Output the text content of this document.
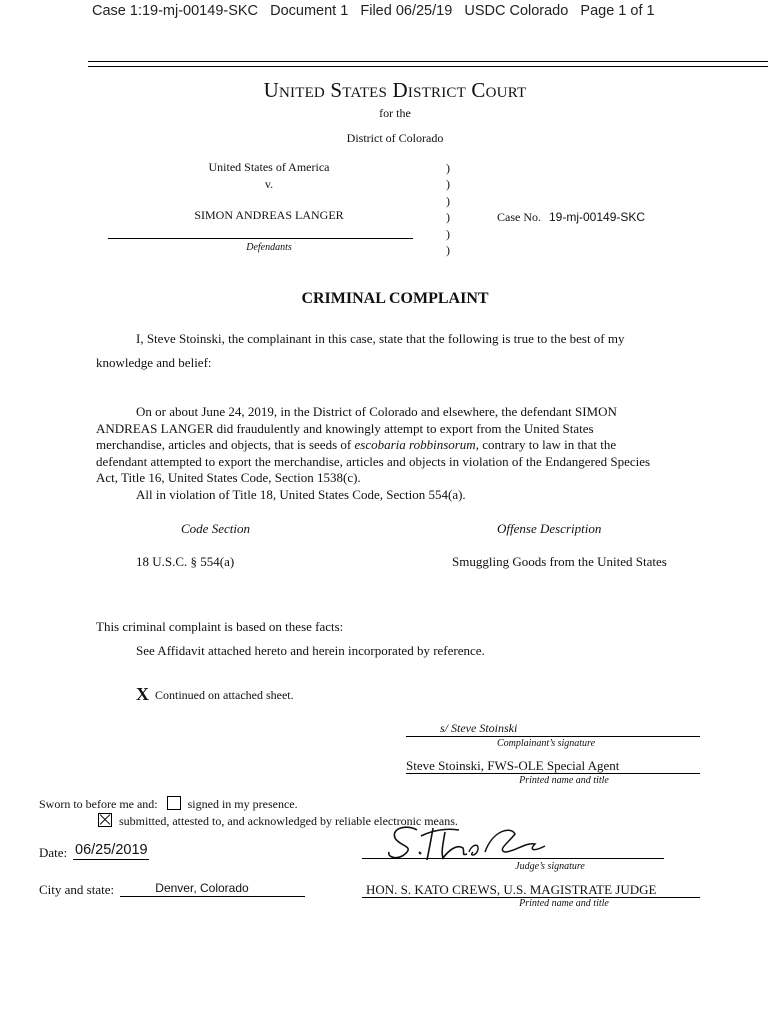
Case 1:19-mj-00149-SKC   Document 1   Filed 06/25/19   USDC Colorado   Page 1 of 1
United States District Court
for the
District of Colorado
United States of America
v.
SIMON ANDREAS LANGER
Defendants
)
)
)
)
)
)
Case No. 19-mj-00149-SKC
CRIMINAL COMPLAINT
I, Steve Stoinski, the complainant in this case, state that the following is true to the best of my
knowledge and belief:
On or about June 24, 2019, in the District of Colorado and elsewhere, the defendant SIMON
ANDREAS LANGER did fraudulently and knowingly attempt to export from the United States
merchandise, articles and objects, that is seeds of escobaria robbinsorum, contrary to law in that the
defendant attempted to export the merchandise, articles and objects in violation of the Endangered Species
Act, Title 16, United States Code, Section 1538(c).
All in violation of Title 18, United States Code, Section 554(a).
Code Section	Offense Description
18 U.S.C. § 554(a)	Smuggling Goods from the United States
This criminal complaint is based on these facts:
See Affidavit attached hereto and herein incorporated by reference.
X Continued on attached sheet.
s/ Steve Stoinski
Complainant’s signature
Steve Stoinski, FWS-OLE Special Agent
Printed name and title
Sworn to before me and:	signed in my presence.
submitted, attested to, and acknowledged by reliable electronic means.
Date: 06/25/2019
Judge’s signature
City and state:	Denver, Colorado	HON. S. KATO CREWS, U.S. MAGISTRATE JUDGE
Printed name and title
